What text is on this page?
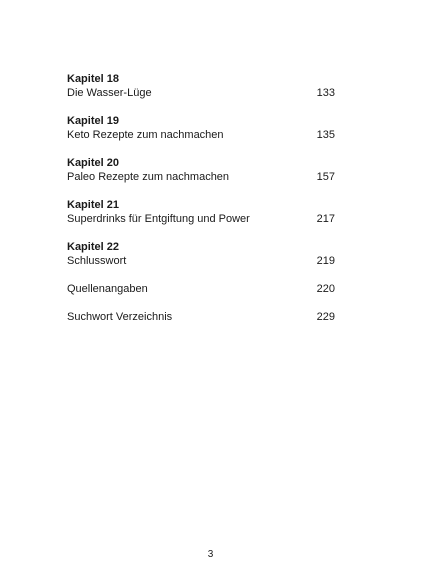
Kapitel 18
Die Wasser-Lüge	133
Kapitel 19
Keto Rezepte zum nachmachen	135
Kapitel 20
Paleo Rezepte zum nachmachen	157
Kapitel 21
Superdrinks für Entgiftung und Power	217
Kapitel 22
Schlusswort	219
Quellenangaben	220
Suchwort Verzeichnis	229
3
